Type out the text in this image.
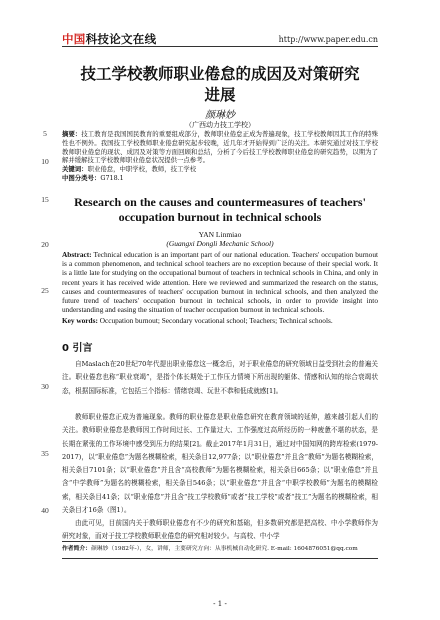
中国科技论文在线	http://www.paper.edu.cn
技工学校教师职业倦怠的成因及对策研究
进展
颜琳妙
（广西动力技工学校）
摘要：技工教育是我国国民教育的重要组成部分，教师职业倦怠正成为普遍现象，技工学校教师因其工作的特殊性也不例外。我国技工学校教师职业倦怠研究起步较晚，近几年才开始得到广泛的关注。本研究通过对技工学校教师职业倦怠的现状、成因及对策等方面回顾和总结，分析了今后技工学校教师职业倦怠的研究趋势，以期为了解并缓解技工学校教师职业倦怠状况提供一点参考。
关键词：职业倦怠，中职学校，教师，技工学校
中图分类号：G718.1
Research on the causes and countermeasures of teachers'
occupation burnout in technical schools
YAN Linmiao
(Guangxi Dongli Mechanic School)
Abstract: Technical education is an important part of our national education. Teachers' occupation burnout is a common phenomenon, and technical school teachers are no exception because of their special work. It is a little late for studying on the occupational burnout of teachers in technical schools in China, and only in recent years it has received wide attention. Here we reviewed and summarized the research on the status, causes and countermeasures of teachers' occupation burnout in technical schools, and then analyzed the future trend of teachers' occupation burnout in technical schools, in order to provide insight into understanding and easing the situation of teacher occupation burnout in technical schools.
Key words: Occupation burnout; Secondary vocational school; Teachers; Technical schools.
0 引言
自Maslach在20世纪70年代提出职业倦怠这一概念后，对于职业倦怠的研究领域日益受到社会的普遍关注。职业倦怠也称“职业衰竭”，是指个体长期处于工作压力情境下所出现的躯体、情感和认知的综合衰竭状态，根据国际标准，它包括三个指标：情绪衰竭、玩世不恭和低成就感[1]。
教师职业倦怠正成为普遍现象。教师的职业倦怠是职业倦怠研究在教育领域的延伸，越来越引起人们的关注。教师职业倦怠是教师因工作时间过长、工作量过大、工作强度过高所经历的一种疲惫不堪的状态，是长期在紧张的工作环境中感受到压力的结果[2]。截止2017年1月31日，通过对中国知网的跨库检索(1979-2017)，以“职业倦怠”为题名模糊检索，相关条目12,977条；以“职业倦怠”并且含“教师”为题名模糊检索，相关条目7101条；以“职业倦怠”并且含“高校教师”为题名模糊检索，相关条目665条；以“职业倦怠”并且含“中学教师”为题名的模糊检索，相关条目546条；以“职业倦怠”并且含“中职学校教师”为题名的模糊检索，相关条目41条；以“职业倦怠”并且含“技工学校教师”或者“技工学校”或者“技工”为题名的模糊检索，相关条目才16条（图1）。
由此可见，目前国内关于教师职业倦怠有不少的研究和基础，但多数研究都是把高校、中小学教师作为研究对象，而对于技工学校教师职业倦怠的研究相对较少。与高校、中小学
作者简介：颜琳妙（1982年-），女，讲师，主要研究方向：从事机械自动化研究. E-mail: 1604876051@qq.com
- 1 -
5
10
15
20
25
30
35
40
